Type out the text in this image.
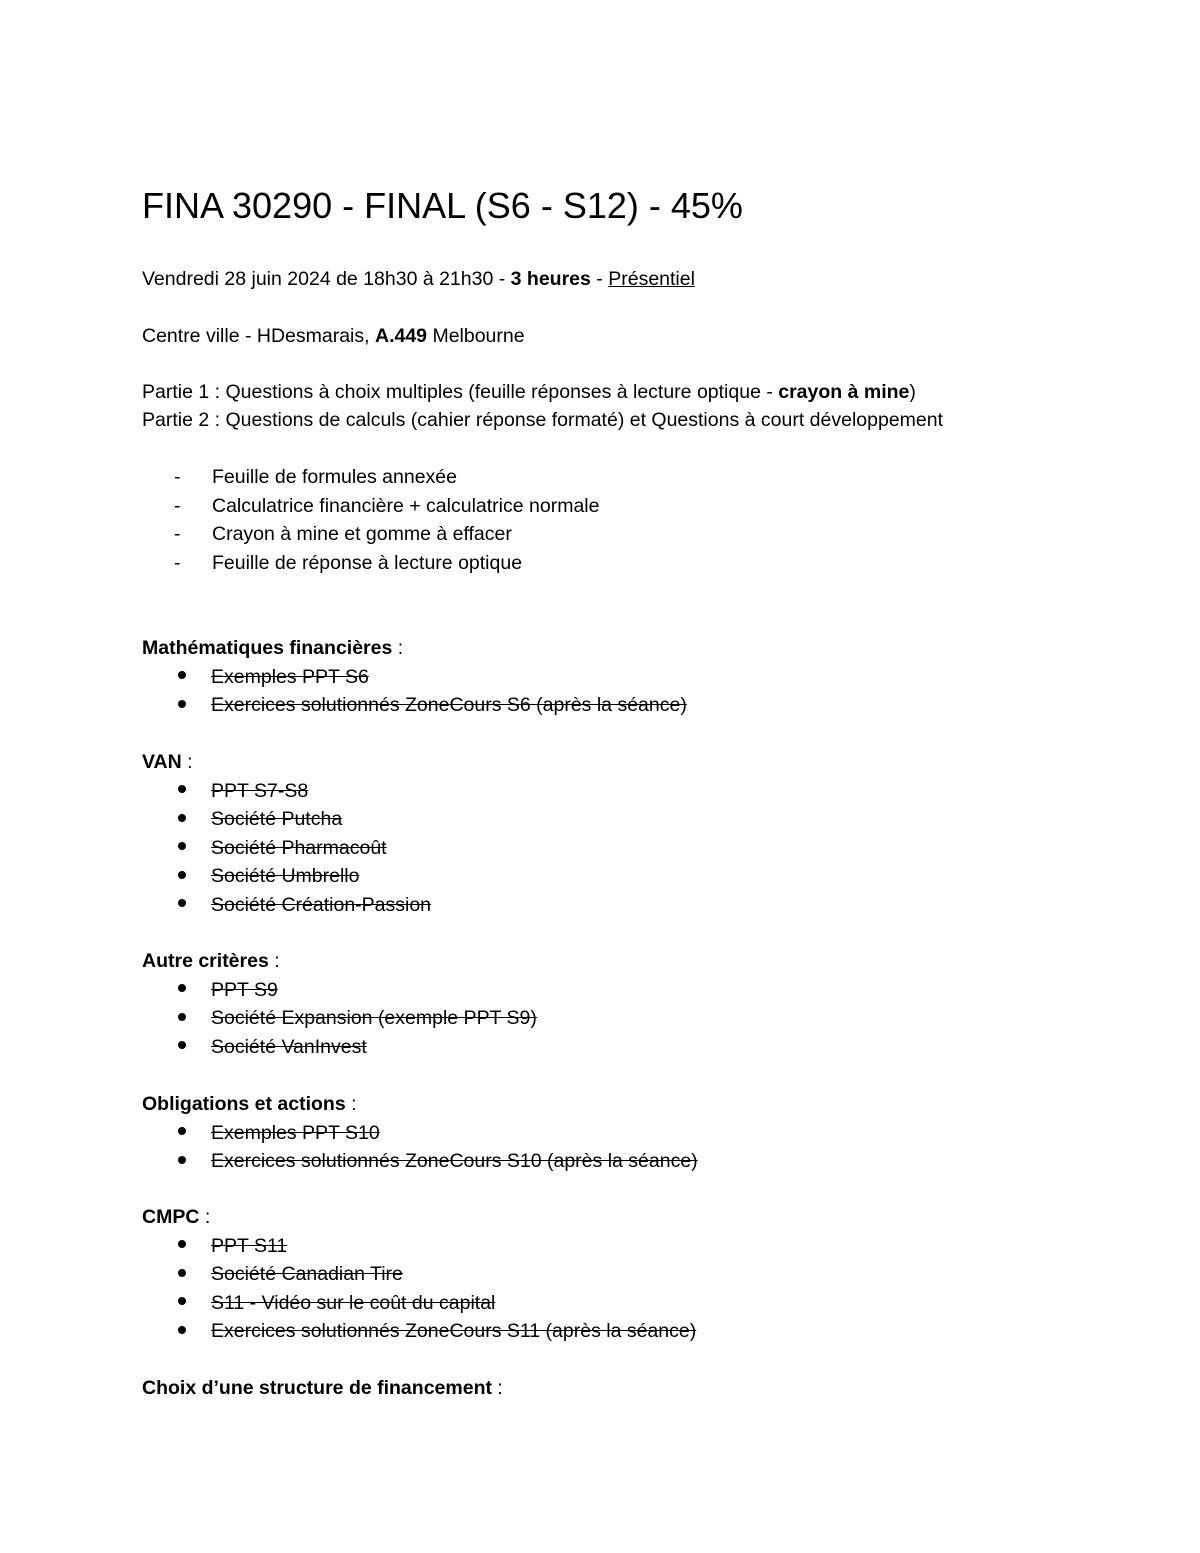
FINA 30290 - FINAL (S6 - S12) - 45%
Vendredi 28 juin 2024 de 18h30 à 21h30 - 3 heures - Présentiel
Centre ville - HDesmarais, A.449 Melbourne
Partie 1 : Questions à choix multiples (feuille réponses à lecture optique - crayon à mine)
Partie 2 : Questions de calculs (cahier réponse formaté) et Questions à court développement
- Feuille de formules annexée
- Calculatrice financière + calculatrice normale
- Crayon à mine et gomme à effacer
- Feuille de réponse à lecture optique
Mathématiques financières :
Exemples PPT S6
Exercices solutionnés ZoneCours S6 (après la séance)
VAN :
PPT S7-S8
Société Putcha
Société Pharmacoût
Société Umbrello
Société Création-Passion
Autre critères :
PPT S9
Société Expansion (exemple PPT S9)
Société VanInvest
Obligations et actions :
Exemples PPT S10
Exercices solutionnés ZoneCours S10 (après la séance)
CMPC :
PPT S11
Société Canadian Tire
S11 - Vidéo sur le coût du capital
Exercices solutionnés ZoneCours S11 (après la séance)
Choix d’une structure de financement :
